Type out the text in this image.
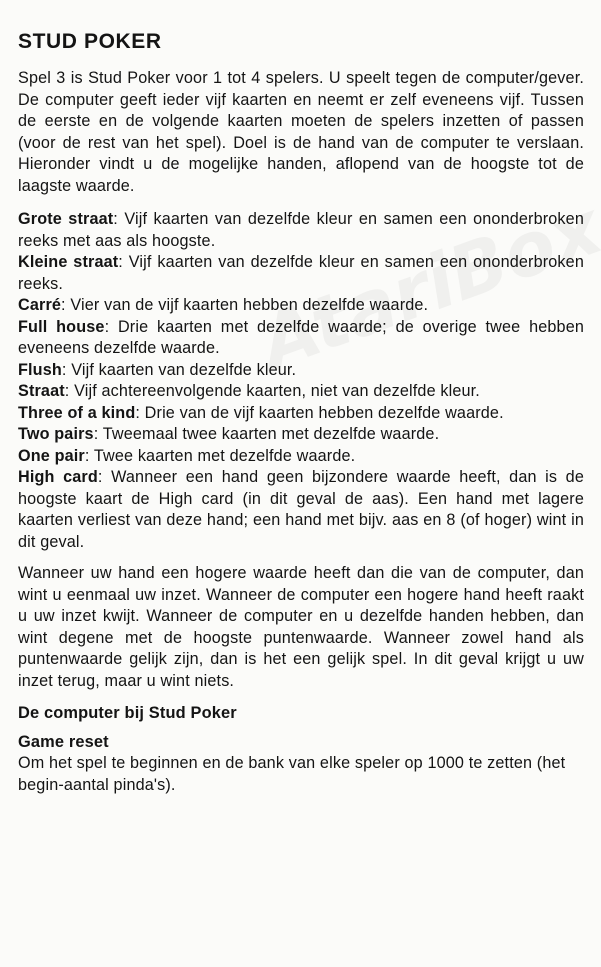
STUD POKER

Spel 3 is Stud Poker voor 1 tot 4 spelers. U speelt tegen de computer/gever. De computer geeft ieder vijf kaarten en neemt er zelf eveneens vijf. Tussen de eerste en de volgende kaarten moeten de spelers inzetten of passen (voor de rest van het spel). Doel is de hand van de computer te verslaan. Hieronder vindt u de mogelijke handen, aflopend van de hoogste tot de laagste waarde.

Grote straat: Vijf kaarten van dezelfde kleur en samen een ononderbroken reeks met aas als hoogste.

Kleine straat: Vijf kaarten van dezelfde kleur en samen een ononderbroken reeks.

Carré: Vier van de vijf kaarten hebben dezelfde waarde.

Full house: Drie kaarten met dezelfde waarde; de overige twee hebben eveneens dezelfde waarde.

Flush: Vijf kaarten van dezelfde kleur.

Straat: Vijf achtereenvolgende kaarten, niet van dezelfde kleur.

Three of a kind: Drie van de vijf kaarten hebben dezelfde waarde.

Two pairs: Tweemaal twee kaarten met dezelfde waarde.

One pair: Twee kaarten met dezelfde waarde.

High card: Wanneer een hand geen bijzondere waarde heeft, dan is de hoogste kaart de High card (in dit geval de aas). Een hand met lagere kaarten verliest van deze hand; een hand met bijv. aas en 8 (of hoger) wint in dit geval.

Wanneer uw hand een hogere waarde heeft dan die van de computer, dan wint u eenmaal uw inzet. Wanneer de computer een hogere hand heeft raakt u uw inzet kwijt. Wanneer de computer en u dezelfde handen hebben, dan wint degene met de hoogste puntenwaarde. Wanneer zowel hand als puntenwaarde gelijk zijn, dan is het een gelijk spel. In dit geval krijgt u uw inzet terug, maar u wint niets.

De computer bij Stud Poker
Game reset

Om het spel te beginnen en de bank van elke speler op 1000 te zetten (het begin-aantal pinda's).
